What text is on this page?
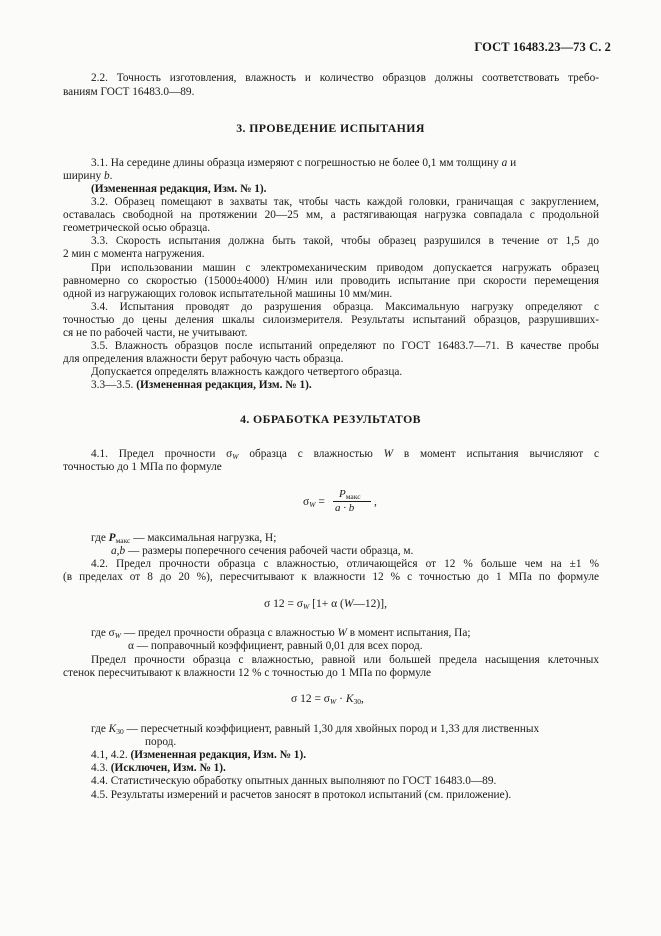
ГОСТ 16483.23—73 С. 2
2.2. Точность изготовления, влажность и количество образцов должны соответствовать требо-
ваниям ГОСТ 16483.0—89.
3. ПРОВЕДЕНИЕ ИСПЫТАНИЯ
3.1. На середине длины образца измеряют с погрешностью не более 0,1 мм толщину a и
ширину b.
(Измененная редакция, Изм. № 1).
3.2. Образец помещают в захваты так, чтобы часть каждой головки, граничащая с закруглением,
оставалась свободной на протяжении 20—25 мм, а растягивающая нагрузка совпадала с продольной
геометрической осью образца.
3.3. Скорость испытания должна быть такой, чтобы образец разрушился в течение от 1,5 до
2 мин с момента нагружения.
При использовании машин с электромеханическим приводом допускается нагружать образец
равномерно со скоростью (15000±4000) Н/мин или проводить испытание при скорости перемещения
одной из нагружающих головок испытательной машины 10 мм/мин.
3.4. Испытания проводят до разрушения образца. Максимальную нагрузку определяют с
точностью до цены деления шкалы силоизмерителя. Результаты испытаний образцов, разрушивших-
ся не по рабочей части, не учитывают.
3.5. Влажность образцов после испытаний определяют по ГОСТ 16483.7—71. В качестве пробы
для определения влажности берут рабочую часть образца.
Допускается определять влажность каждого четвертого образца.
3.3—3.5. (Измененная редакция, Изм. № 1).
4. ОБРАБОТКА РЕЗУЛЬТАТОВ
4.1. Предел прочности $\sigma_W$ образца с влажностью W в момент испытания вычисляют с
точностью до 1 МПа по формуле
$\sigma_W$ =
$P_{макс}$
a · b ,
где $P_{макс}$ — максимальная нагрузка, Н;
a,b — размеры поперечного сечения рабочей части образца, м.
4.2. Предел прочности образца с влажностью, отличающейся от 12 % больше чем на ±1 %
(в пределах от 8 до 20 %), пересчитывают к влажности 12 % с точностью до 1 МПа по формуле
σ $12 = \sigma_W$ [1+ α (W—12)],
где $\sigma_W$ — предел прочности образца с влажностью W в момент испытания, Па;
α — поправочный коэффициент, равный 0,01 для всех пород.
Предел прочности образца с влажностью, равной или большей предела насыщения клеточных
стенок пересчитывают к влажности 12 % с точностью до 1 МПа по формуле
σ $12 = \sigma_W \cdot K_{30}$,
где $K_{30}$ — пересчетный коэффициент, равный 1,30 для хвойных пород и 1,33 для лиственных
пород.
4.1, 4.2. (Измененная редакция, Изм. № 1).
4.3. (Исключен, Изм. № 1).
4.4. Статистическую обработку опытных данных выполняют по ГОСТ 16483.0—89.
4.5. Результаты измерений и расчетов заносят в протокол испытаний (см. приложение).
